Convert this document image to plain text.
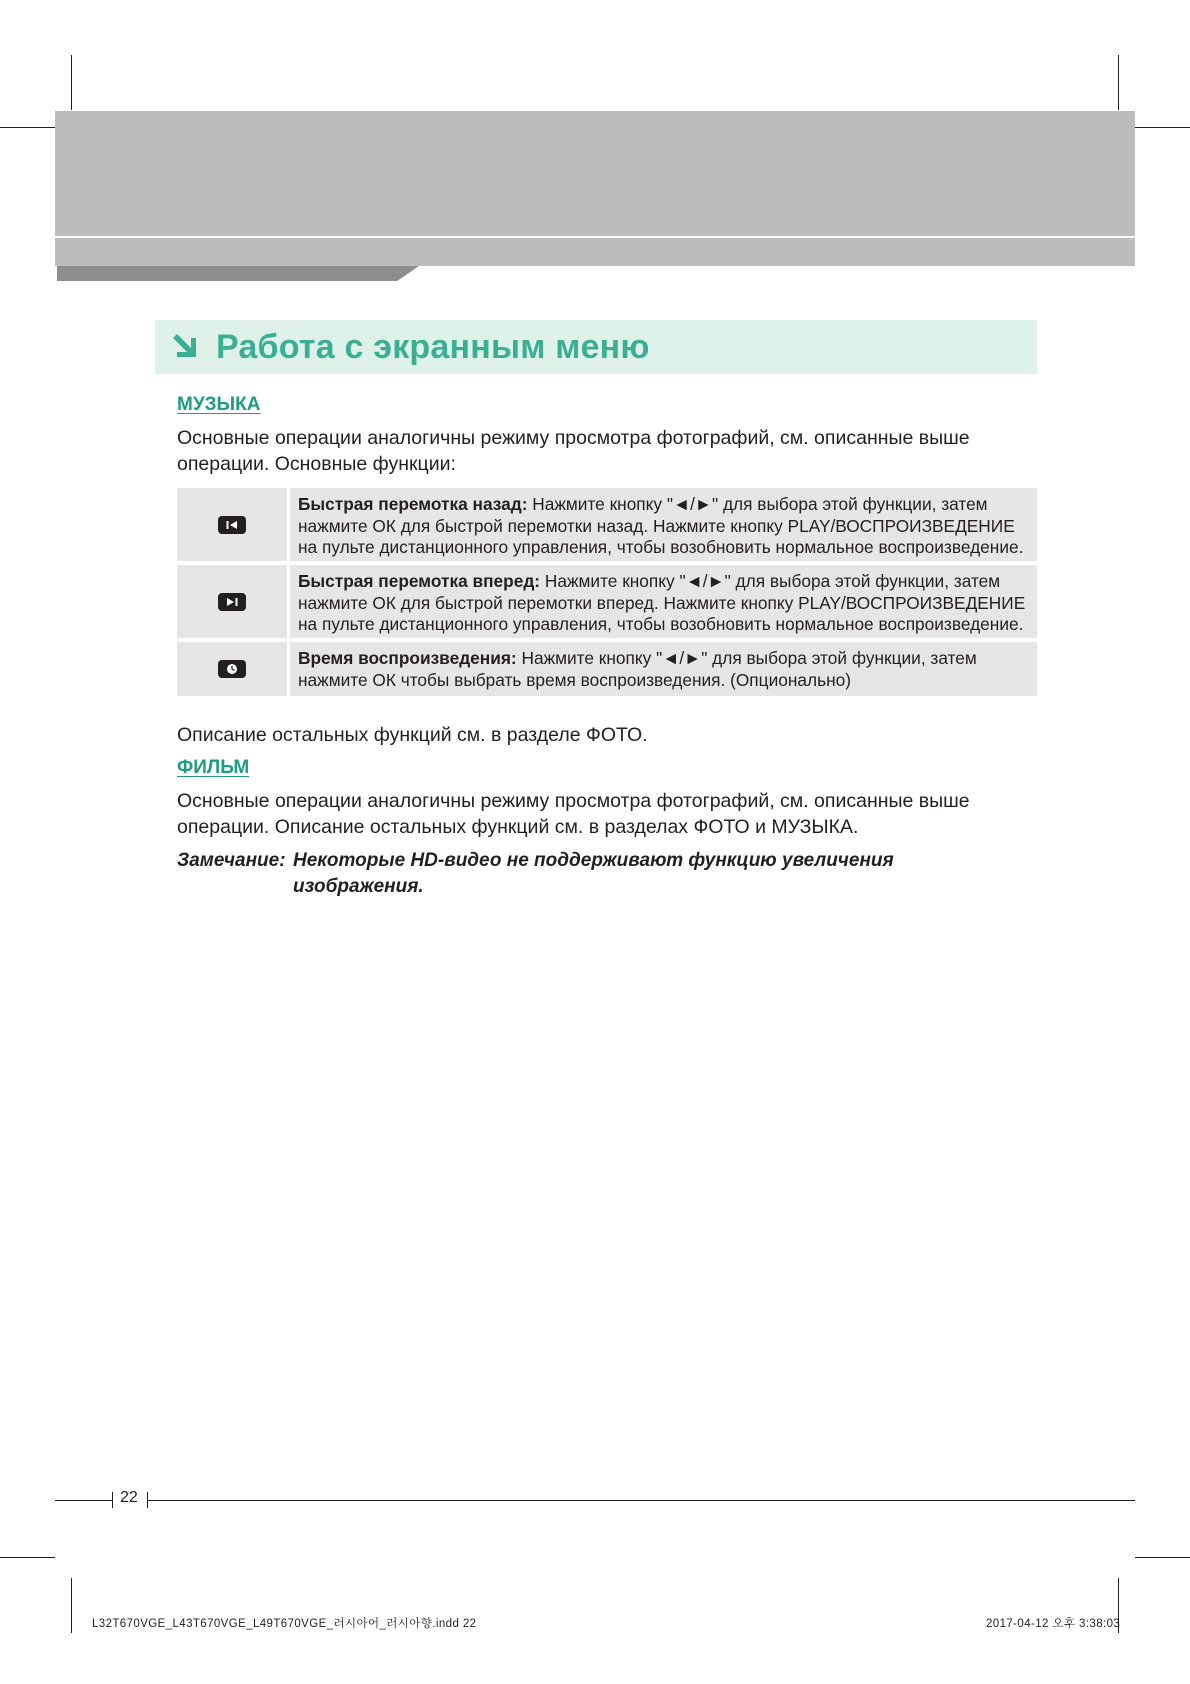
Работа с экранным меню
МУЗЫКА
Основные операции аналогичны режиму просмотра фотографий, см. описанные выше операции. Основные функции:
Быстрая перемотка назад: Нажмите кнопку "◄/►" для выбора этой функции, затем нажмите ОК для быстрой перемотки назад. Нажмите кнопку PLAY/ВОСПРОИЗВЕДЕНИЕ на пульте дистанционного управления, чтобы возобновить нормальное воспроизведение.
Быстрая перемотка вперед: Нажмите кнопку "◄/►" для выбора этой функции, затем нажмите ОК для быстрой перемотки вперед. Нажмите кнопку PLAY/ВОСПРОИЗВЕДЕНИЕ на пульте дистанционного управления, чтобы возобновить нормальное воспроизведение.
Время воспроизведения: Нажмите кнопку "◄/►" для выбора этой функции, затем нажмите ОК чтобы выбрать время воспроизведения. (Опционально)
Описание остальных функций см. в разделе ФОТО.
ФИЛЬМ
Основные операции аналогичны режиму просмотра фотографий, см. описанные выше операции. Описание остальных функций см. в разделах ФОТО и МУЗЫКА.
Замечание: Некоторые HD-видео не поддерживают функцию увеличения
изображения.
22
L32T670VGE_L43T670VGE_L49T670VGE_러시아어_러시아향.indd 22	2017-04-12 오후 3:38:03
